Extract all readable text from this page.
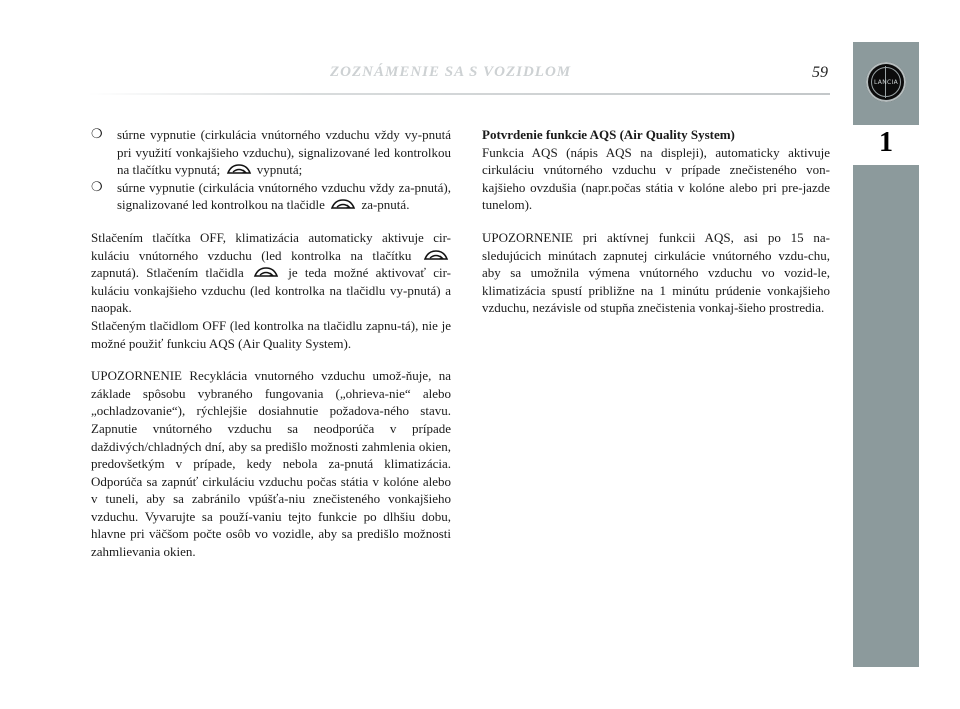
ZOZNÁMENIE SA S VOZIDLOM	59
LANCIA
1

❍ súrne vypnutie (cirkulácia vnútorného vzduchu vždy vy-pnutá pri využití vonkajšieho vzduchu), signalizované led kontrolkou na tlačítku vypnutá;	vypnutá;

❍ súrne vypnutie (cirkulácia vnútorného vzduchu vždy za-pnutá), signalizované led kontrolkou na tlačidle	za-pnutá.

Stlačením tlačítka OFF, klimatizácia automaticky aktivuje cir-kuláciu vnútorného vzduchu (led kontrolka na tlačítku  zapnutá). Stlačením tlačidla	je teda možné aktivovať cir-kuláciu vonkajšieho vzduchu (led kontrolka na tlačidlu vy-pnutá) a naopak.

Stlačeným tlačidlom OFF (led kontrolka na tlačidlu zapnu-tá), nie je možné použiť funkciu AQS (Air Quality System).

UPOZORNENIE Recyklácia vnutorného vzduchu umož-ňuje, na základe spôsobu vybraného fungovania („ohrieva-nie“ alebo „ochladzovanie“), rýchlejšie dosiahnutie požadova-ného stavu. Zapnutie vnútorného vzduchu sa neodporúča v prípade daždivých/chladných dní, aby sa predišlo možnosti zahmlenia okien, predovšetkým v prípade, kedy nebola za-pnutá klimatizácia. Odporúča sa zapnúť cirkuláciu vzduchu počas státia v kolóne alebo v tuneli, aby sa zabránilo vpúšťa-niu znečisteného vonkajšieho vzduchu. Vyvarujte sa použí-vaniu tejto funkcie po dlhšiu dobu, hlavne pri väčšom počte osôb vo vozidle, aby sa predišlo možnosti zahmlievania okien.

Potvrdenie funkcie AQS (Air Quality System)

Funkcia AQS (nápis AQS na displeji), automaticky aktivuje cirkuláciu vnútorného vzduchu v prípade znečisteného von-kajšieho ovzdušia (napr.počas státia v kolóne alebo pri pre-jazde tunelom).

UPOZORNENIE pri aktívnej funkcii AQS, asi po 15 na-sledujúcich minútach zapnutej cirkulácie vnútorného vzdu-chu, aby sa umožnila výmena vnútorného vzduchu vo vozid-le, klimatizácia spustí približne na 1 minútu prúdenie vonkajšieho vzduchu, nezávisle od stupňa znečistenia vonkaj-šieho prostredia.
